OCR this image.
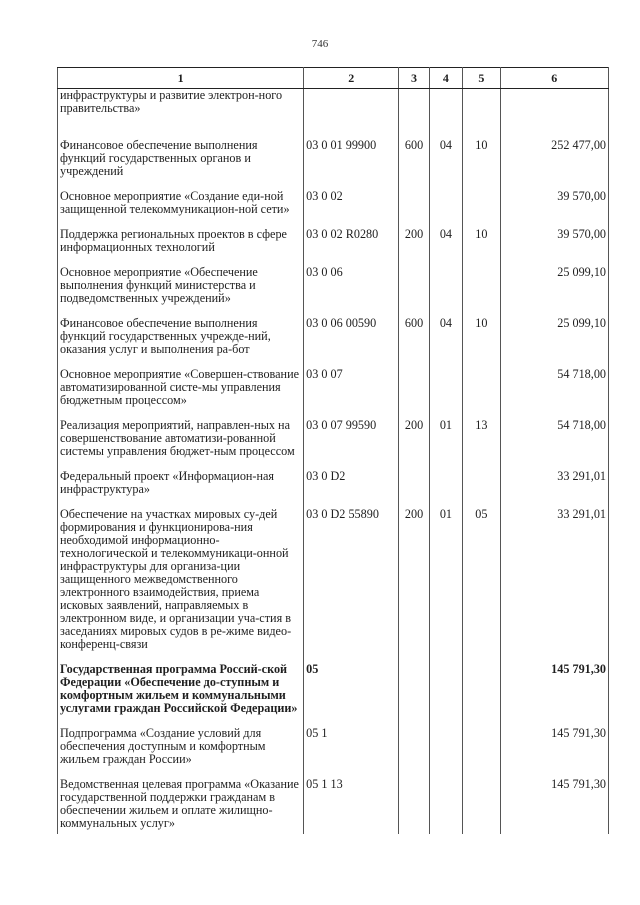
746
1	2	3	4	5	6
инфраструктуры и развитие электрон-ного правительства»					
Финансовое обеспечение выполнения функций государственных органов и учреждений	03 0 01 99900	600	04	10	252 477,00
Основное мероприятие «Создание еди-ной защищенной телекоммуникацион-ной сети»	03 0 02				39 570,00
Поддержка региональных проектов в сфере информационных технологий	03 0 02 R0280	200	04	10	39 570,00
Основное мероприятие «Обеспечение выполнения функций министерства и подведомственных учреждений»	03 0 06				25 099,10
Финансовое обеспечение выполнения функций государственных учрежде-ний, оказания услуг и выполнения ра-бот	03 0 06 00590	600	04	10	25 099,10
Основное мероприятие «Совершен-ствование автоматизированной систе-мы управления бюджетным процессом»	03 0 07				54 718,00
Реализация мероприятий, направлен-ных на совершенствование автоматизи-рованной системы управления бюджет-ным процессом	03 0 07 99590	200	01	13	54 718,00
Федеральный проект «Информацион-ная инфраструктура»	03 0 D2				33 291,01
Обеспечение на участках мировых су-дей формирования и функционирова-ния необходимой информационно-технологической и телекоммуникаци-онной инфраструктуры для организа-ции защищенного межведомственного электронного взаимодействия, приема исковых заявлений, направляемых в электронном виде, и организации уча-стия в заседаниях мировых судов в ре-жиме видео-конференц-связи	03 0 D2 55890	200	01	05	33 291,01
Государственная программа Россий-ской Федерации «Обеспечение до-ступным и комфортным жильем и коммунальными услугами граждан Российской Федерации»	05				145 791,30
Подпрограмма «Создание условий для обеспечения доступным и комфортным жильем граждан России»	05 1				145 791,30
Ведомственная целевая программа «Оказание государственной поддержки гражданам в обеспечении жильем и оплате жилищно-коммунальных услуг»	05 1 13				145 791,30
